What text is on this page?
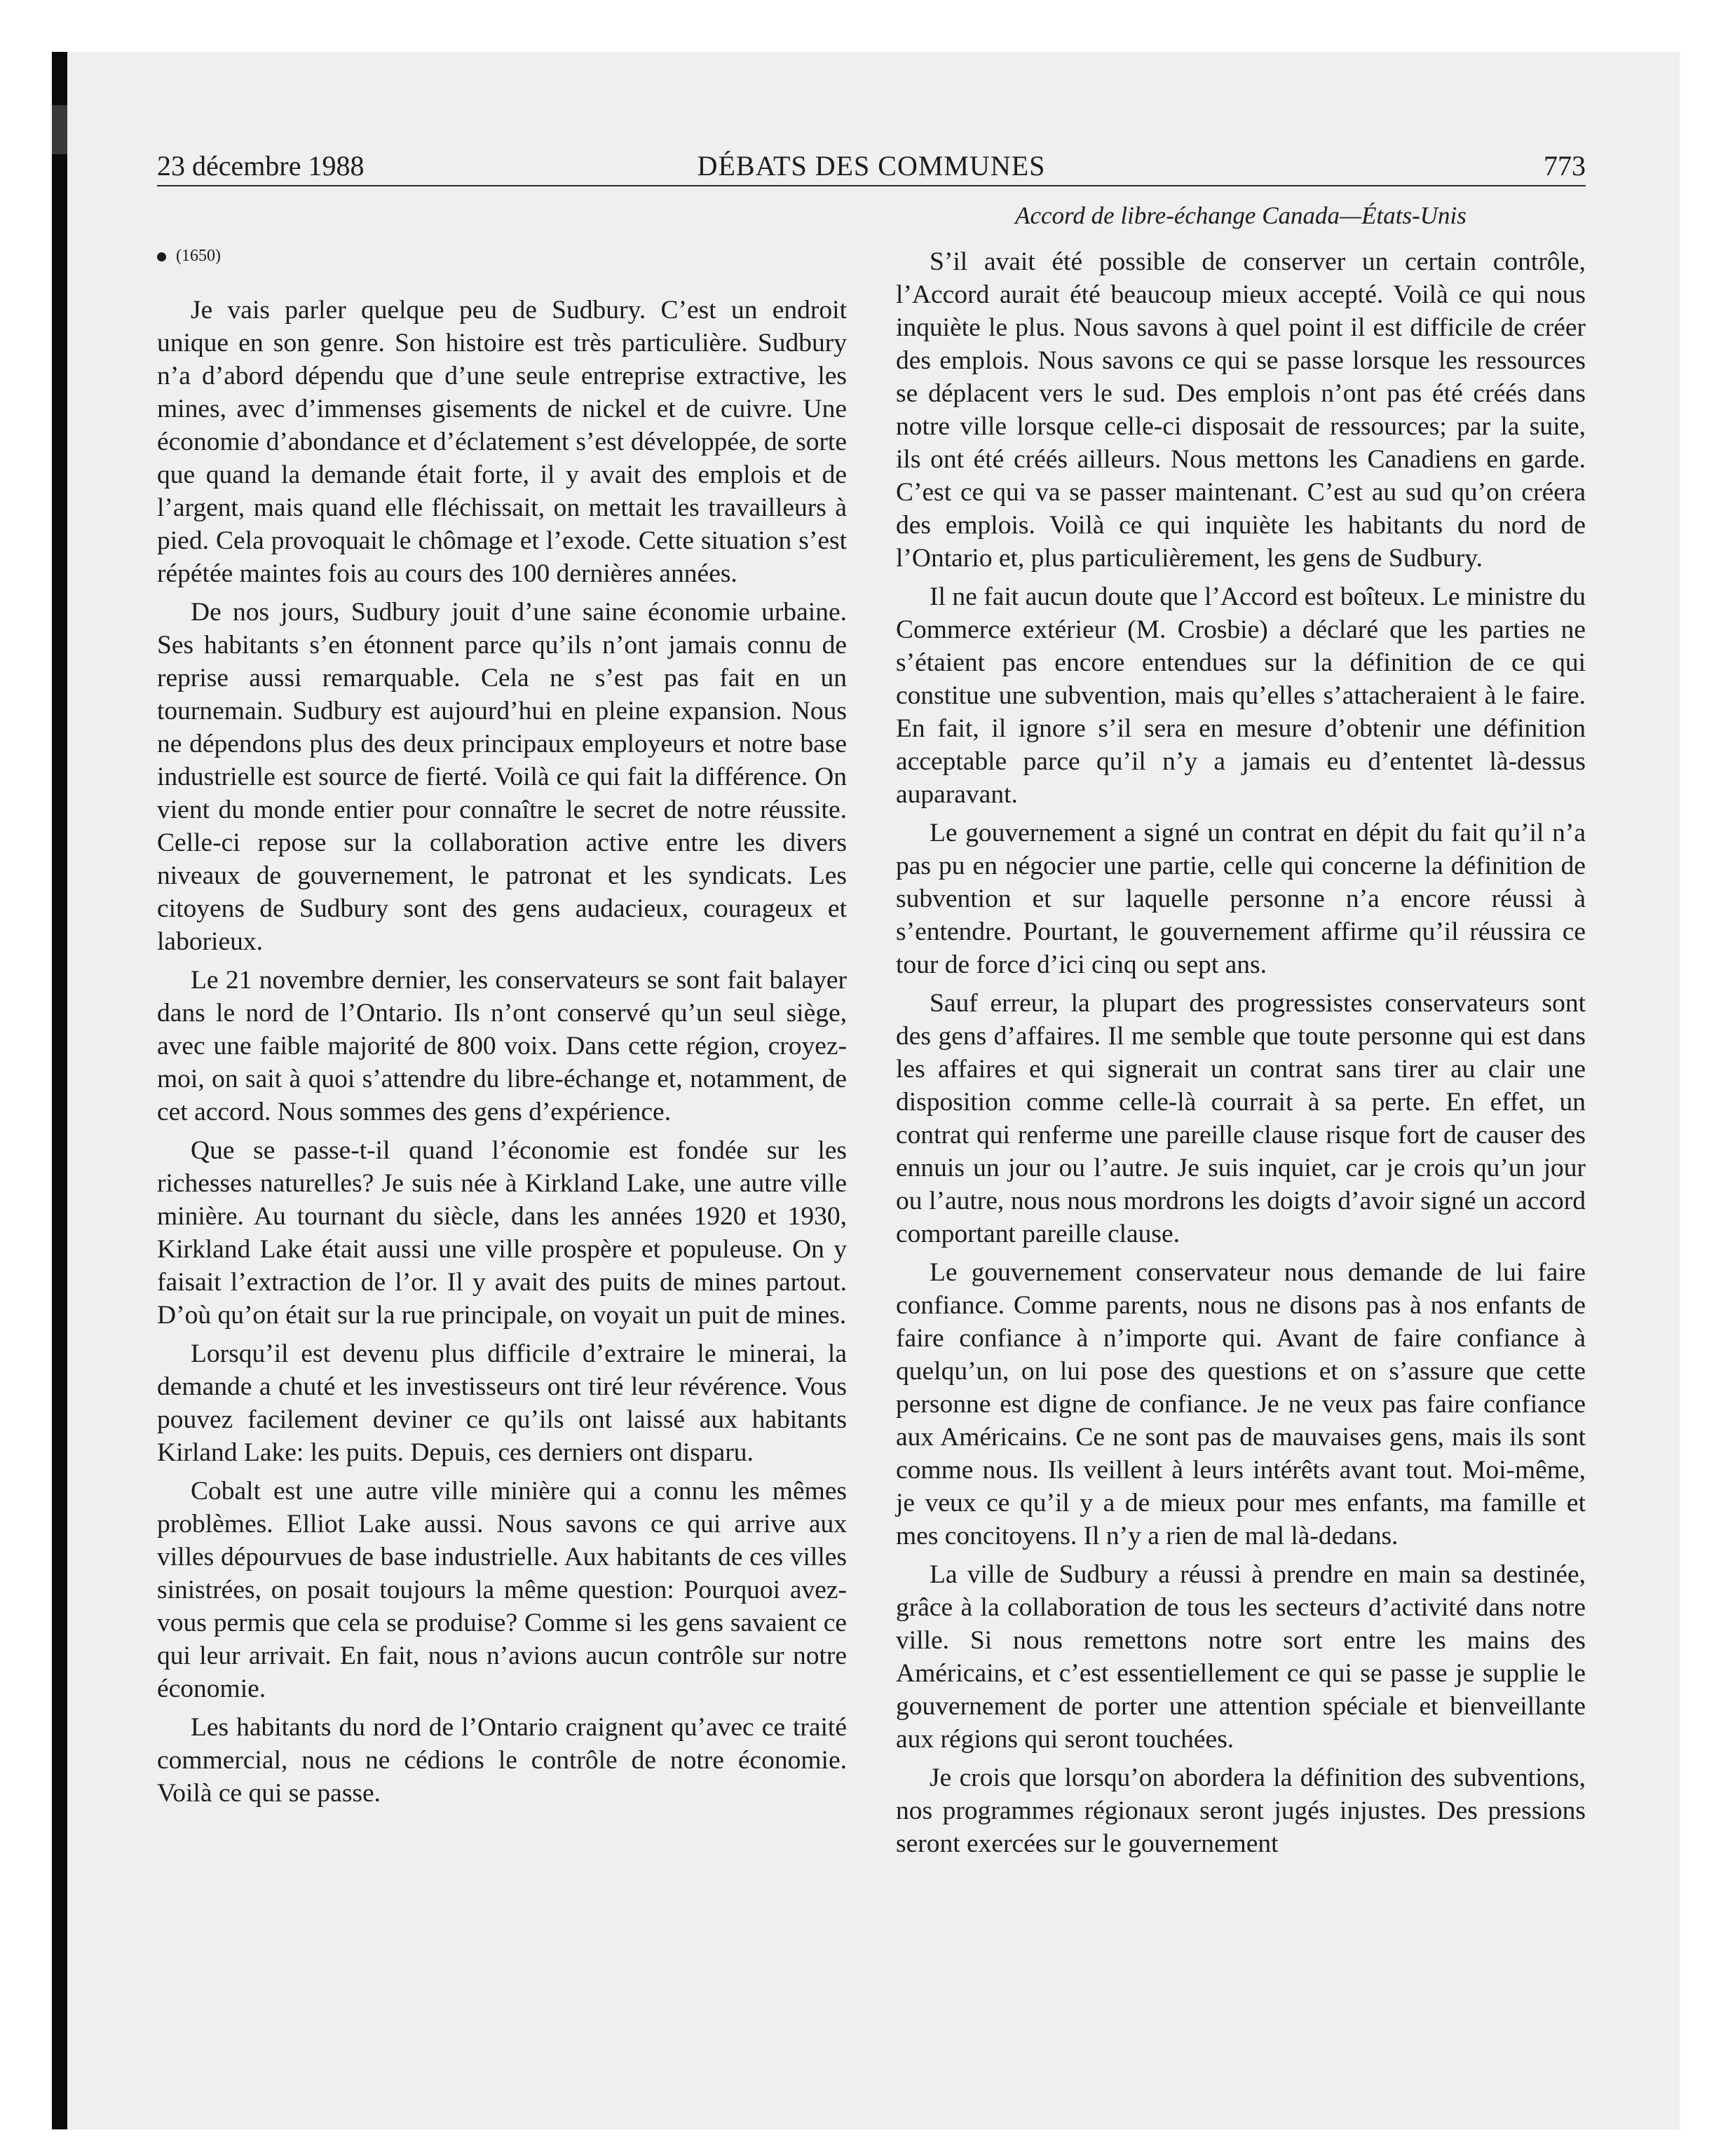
23 décembre 1988	DÉBATS DES COMMUNES	773
Accord de libre-échange Canada—États-Unis
(1650)

Je vais parler quelque peu de Sudbury. C’est un endroit unique en son genre. Son histoire est très particulière. Sudbury n’a d’abord dépendu que d’une seule entreprise extractive, les mines, avec d’immenses gisements de nickel et de cuivre. Une économie d’abondance et d’éclatement s’est développée, de sorte que quand la demande était forte, il y avait des emplois et de l’argent, mais quand elle fléchissait, on mettait les travailleurs à pied. Cela provoquait le chômage et l’exode. Cette situation s’est répétée maintes fois au cours des 100 dernières années.

De nos jours, Sudbury jouit d’une saine économie urbaine. Ses habitants s’en étonnent parce qu’ils n’ont jamais connu de reprise aussi remarquable. Cela ne s’est pas fait en un tournemain. Sudbury est aujourd’hui en pleine expansion. Nous ne dépendons plus des deux principaux employeurs et notre base industrielle est source de fierté. Voilà ce qui fait la différence. On vient du monde entier pour connaître le secret de notre réussite. Celle-ci repose sur la collaboration active entre les divers niveaux de gouvernement, le patronat et les syndicats. Les citoyens de Sudbury sont des gens audacieux, courageux et laborieux.

Le 21 novembre dernier, les conservateurs se sont fait balayer dans le nord de l’Ontario. Ils n’ont conservé qu’un seul siège, avec une faible majorité de 800 voix. Dans cette région, croyez-moi, on sait à quoi s’attendre du libre-échange et, notamment, de cet accord. Nous sommes des gens d’expérience.

Que se passe-t-il quand l’économie est fondée sur les richesses naturelles? Je suis née à Kirkland Lake, une autre ville minière. Au tournant du siècle, dans les années 1920 et 1930, Kirkland Lake était aussi une ville prospère et populeuse. On y faisait l’extraction de l’or. Il y avait des puits de mines partout. D’où qu’on était sur la rue principale, on voyait un puit de mines.

Lorsqu’il est devenu plus difficile d’extraire le minerai, la demande a chuté et les investisseurs ont tiré leur révérence. Vous pouvez facilement deviner ce qu’ils ont laissé aux habitants Kirland Lake: les puits. Depuis, ces derniers ont disparu.

Cobalt est une autre ville minière qui a connu les mêmes problèmes. Elliot Lake aussi. Nous savons ce qui arrive aux villes dépourvues de base industrielle. Aux habitants de ces villes sinistrées, on posait toujours la même question: Pourquoi avez-vous permis que cela se produise? Comme si les gens savaient ce qui leur arrivait. En fait, nous n’avions aucun contrôle sur notre économie.

Les habitants du nord de l’Ontario craignent qu’avec ce traité commercial, nous ne cédions le contrôle de notre économie. Voilà ce qui se passe.

S’il avait été possible de conserver un certain contrôle, l’Accord aurait été beaucoup mieux accepté. Voilà ce qui nous inquiète le plus. Nous savons à quel point il est difficile de créer des emplois. Nous savons ce qui se passe lorsque les ressources se déplacent vers le sud. Des emplois n’ont pas été créés dans notre ville lorsque celle-ci disposait de ressources; par la suite, ils ont été créés ailleurs. Nous mettons les Canadiens en garde. C’est ce qui va se passer maintenant. C’est au sud qu’on créera des emplois. Voilà ce qui inquiète les habitants du nord de l’Ontario et, plus particulièrement, les gens de Sudbury.

Il ne fait aucun doute que l’Accord est boîteux. Le ministre du Commerce extérieur (M. Crosbie) a déclaré que les parties ne s’étaient pas encore entendues sur la définition de ce qui constitue une subvention, mais qu’elles s’attacheraient à le faire. En fait, il ignore s’il sera en mesure d’obtenir une définition acceptable parce qu’il n’y a jamais eu d’ententet là-dessus auparavant.

Le gouvernement a signé un contrat en dépit du fait qu’il n’a pas pu en négocier une partie, celle qui concerne la définition de subvention et sur laquelle personne n’a encore réussi à s’entendre. Pourtant, le gouvernement affirme qu’il réussira ce tour de force d’ici cinq ou sept ans.

Sauf erreur, la plupart des progressistes conservateurs sont des gens d’affaires. Il me semble que toute personne qui est dans les affaires et qui signerait un contrat sans tirer au clair une disposition comme celle-là courrait à sa perte. En effet, un contrat qui renferme une pareille clause risque fort de causer des ennuis un jour ou l’autre. Je suis inquiet, car je crois qu’un jour ou l’autre, nous nous mordrons les doigts d’avoir signé un accord comportant pareille clause.

Le gouvernement conservateur nous demande de lui faire confiance. Comme parents, nous ne disons pas à nos enfants de faire confiance à n’importe qui. Avant de faire confiance à quelqu’un, on lui pose des questions et on s’assure que cette personne est digne de confiance. Je ne veux pas faire confiance aux Américains. Ce ne sont pas de mauvaises gens, mais ils sont comme nous. Ils veillent à leurs intérêts avant tout. Moi-même, je veux ce qu’il y a de mieux pour mes enfants, ma famille et mes concitoyens. Il n’y a rien de mal là-dedans.

La ville de Sudbury a réussi à prendre en main sa destinée, grâce à la collaboration de tous les secteurs d’activité dans notre ville. Si nous remettons notre sort entre les mains des Américains, et c’est essentiellement ce qui se passe je supplie le gouvernement de porter une attention spéciale et bienveillante aux régions qui seront touchées.

Je crois que lorsqu’on abordera la définition des subventions, nos programmes régionaux seront jugés injustes. Des pressions seront exercées sur le gouvernement
